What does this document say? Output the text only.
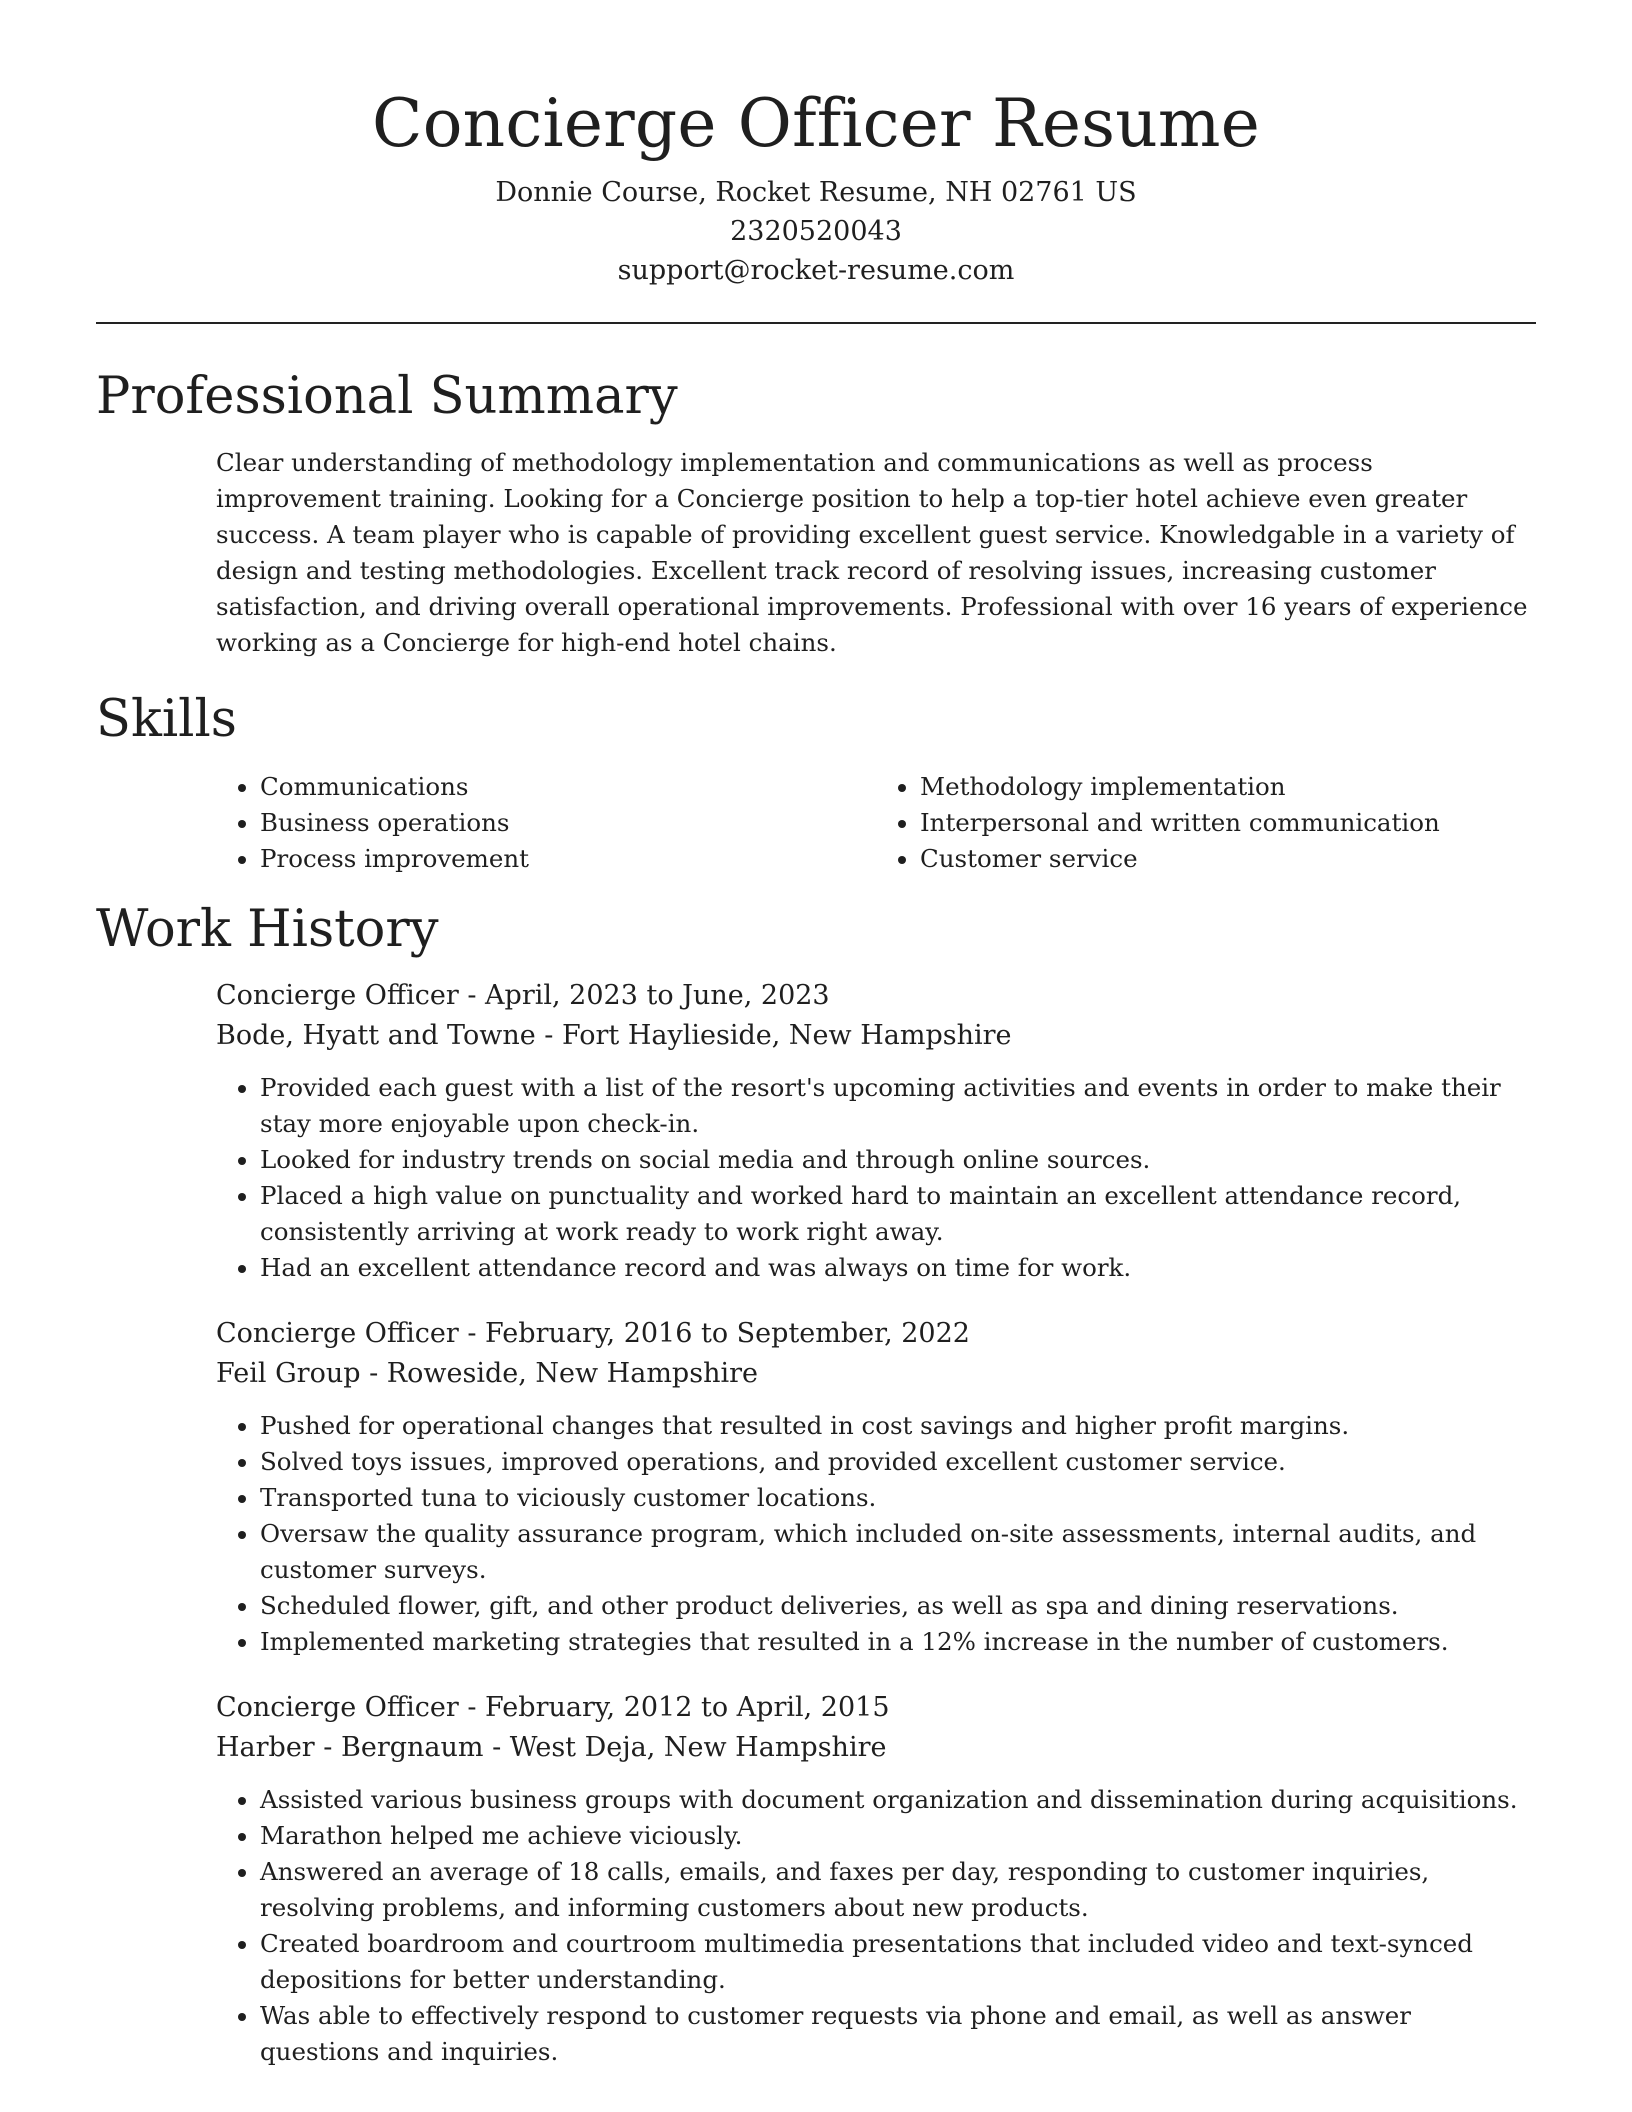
Concierge Officer Resume
Donnie Course, Rocket Resume, NH 02761 US
2320520043
support@rocket-resume.com
Professional Summary

Clear understanding of methodology implementation and communications as well as process improvement training. Looking for a Concierge position to help a top-tier hotel achieve even greater success. A team player who is capable of providing excellent guest service. Knowledgable in a variety of design and testing methodologies. Excellent track record of resolving issues, increasing customer satisfaction, and driving overall operational improvements. Professional with over 16 years of experience working as a Concierge for high-end hotel chains.

Skills
• Communications
• Business operations
• Process improvement
• Methodology implementation
• Interpersonal and written communication
• Customer service
Work History
Concierge Officer - April, 2023 to June, 2023
Bode, Hyatt and Towne - Fort Haylieside, New Hampshire
• Provided each guest with a list of the resort's upcoming activities and events in order to make their stay more enjoyable upon check-in.
• Looked for industry trends on social media and through online sources.
• Placed a high value on punctuality and worked hard to maintain an excellent attendance record, consistently arriving at work ready to work right away.
• Had an excellent attendance record and was always on time for work.
Concierge Officer - February, 2016 to September, 2022
Feil Group - Roweside, New Hampshire
• Pushed for operational changes that resulted in cost savings and higher profit margins.
• Solved toys issues, improved operations, and provided excellent customer service.
• Transported tuna to viciously customer locations.
• Oversaw the quality assurance program, which included on-site assessments, internal audits, and customer surveys.
• Scheduled flower, gift, and other product deliveries, as well as spa and dining reservations.
• Implemented marketing strategies that resulted in a 12% increase in the number of customers.
Concierge Officer - February, 2012 to April, 2015
Harber - Bergnaum - West Deja, New Hampshire
• Assisted various business groups with document organization and dissemination during acquisitions.
• Marathon helped me achieve viciously.
• Answered an average of 18 calls, emails, and faxes per day, responding to customer inquiries, resolving problems, and informing customers about new products.
• Created boardroom and courtroom multimedia presentations that included video and text-synced depositions for better understanding.
• Was able to effectively respond to customer requests via phone and email, as well as answer questions and inquiries.
